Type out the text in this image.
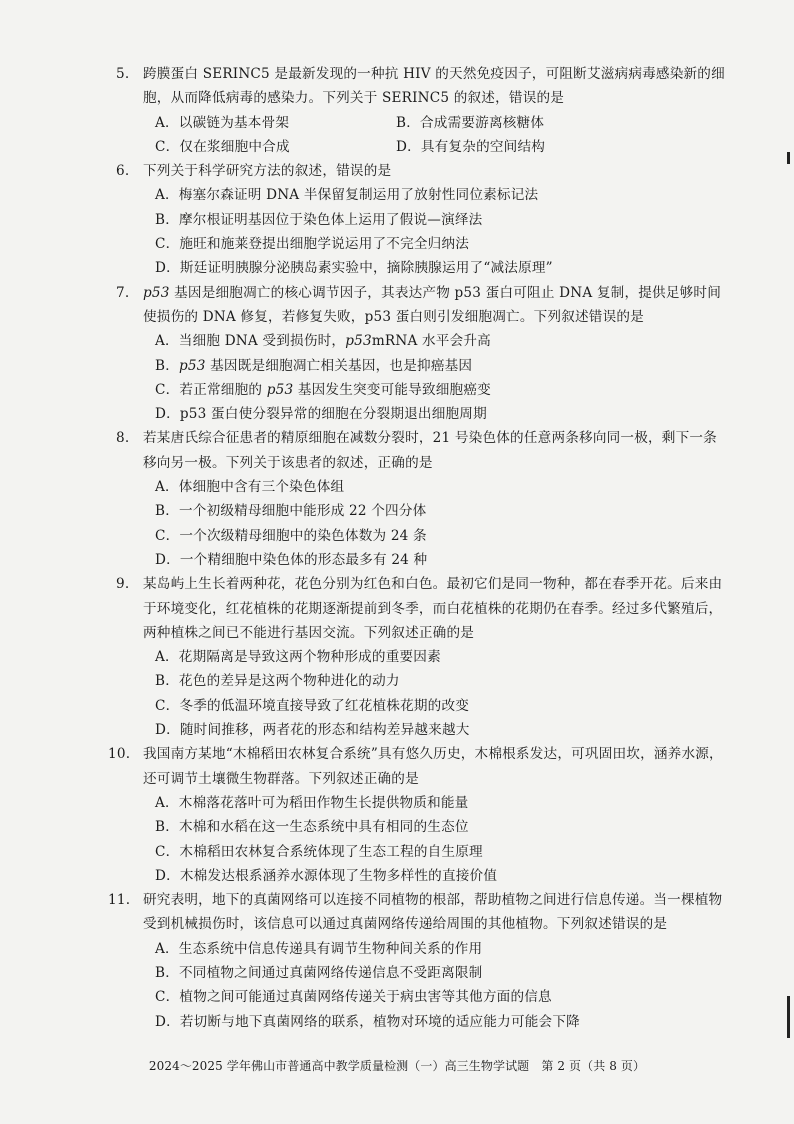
5. 跨膜蛋白 SERINC5 是最新发现的一种抗 HIV 的天然免疫因子，可阻断艾滋病病毒感染新的细胞，从而降低病毒的感染力。下列关于 SERINC5 的叙述，错误的是
A．以碳链为基本骨架	B．合成需要游离核糖体
C．仅在浆细胞中合成	D．具有复杂的空间结构
6. 下列关于科学研究方法的叙述，错误的是
A．梅塞尔森证明 DNA 半保留复制运用了放射性同位素标记法
B．摩尔根证明基因位于染色体上运用了假说—演绎法
C．施旺和施莱登提出细胞学说运用了不完全归纳法
D．斯廷证明胰腺分泌胰岛素实验中，摘除胰腺运用了“减法原理”
7. p53 基因是细胞凋亡的核心调节因子，其表达产物 p53 蛋白可阻止 DNA 复制，提供足够时间使损伤的 DNA 修复，若修复失败，p53 蛋白则引发细胞凋亡。下列叙述错误的是
A．当细胞 DNA 受到损伤时，p53mRNA 水平会升高
B．p53 基因既是细胞凋亡相关基因，也是抑癌基因
C．若正常细胞的 p53 基因发生突变可能导致细胞癌变
D．p53 蛋白使分裂异常的细胞在分裂期退出细胞周期
8. 若某唐氏综合征患者的精原细胞在减数分裂时，21 号染色体的任意两条移向同一极，剩下一条移向另一极。下列关于该患者的叙述，正确的是
A．体细胞中含有三个染色体组
B．一个初级精母细胞中能形成 22 个四分体
C．一个次级精母细胞中的染色体数为 24 条
D．一个精细胞中染色体的形态最多有 24 种
9. 某岛屿上生长着两种花，花色分别为红色和白色。最初它们是同一物种，都在春季开花。后来由于环境变化，红花植株的花期逐渐提前到冬季，而白花植株的花期仍在春季。经过多代繁殖后，两种植株之间已不能进行基因交流。下列叙述正确的是
A．花期隔离是导致这两个物种形成的重要因素
B．花色的差异是这两个物种进化的动力
C．冬季的低温环境直接导致了红花植株花期的改变
D．随时间推移，两者花的形态和结构差异越来越大
10. 我国南方某地“木棉稻田农林复合系统”具有悠久历史，木棉根系发达，可巩固田坎，涵养水源，还可调节土壤微生物群落。下列叙述正确的是
A．木棉落花落叶可为稻田作物生长提供物质和能量
B．木棉和水稻在这一生态系统中具有相同的生态位
C．木棉稻田农林复合系统体现了生态工程的自生原理
D．木棉发达根系涵养水源体现了生物多样性的直接价值
11. 研究表明，地下的真菌网络可以连接不同植物的根部，帮助植物之间进行信息传递。当一棵植物受到机械损伤时，该信息可以通过真菌网络传递给周围的其他植物。下列叙述错误的是
A．生态系统中信息传递具有调节生物种间关系的作用
B．不同植物之间通过真菌网络传递信息不受距离限制
C．植物之间可能通过真菌网络传递关于病虫害等其他方面的信息
D．若切断与地下真菌网络的联系，植物对环境的适应能力可能会下降
2024～2025 学年佛山市普通高中教学质量检测（一）高三生物学试题　第 2 页（共 8 页）
